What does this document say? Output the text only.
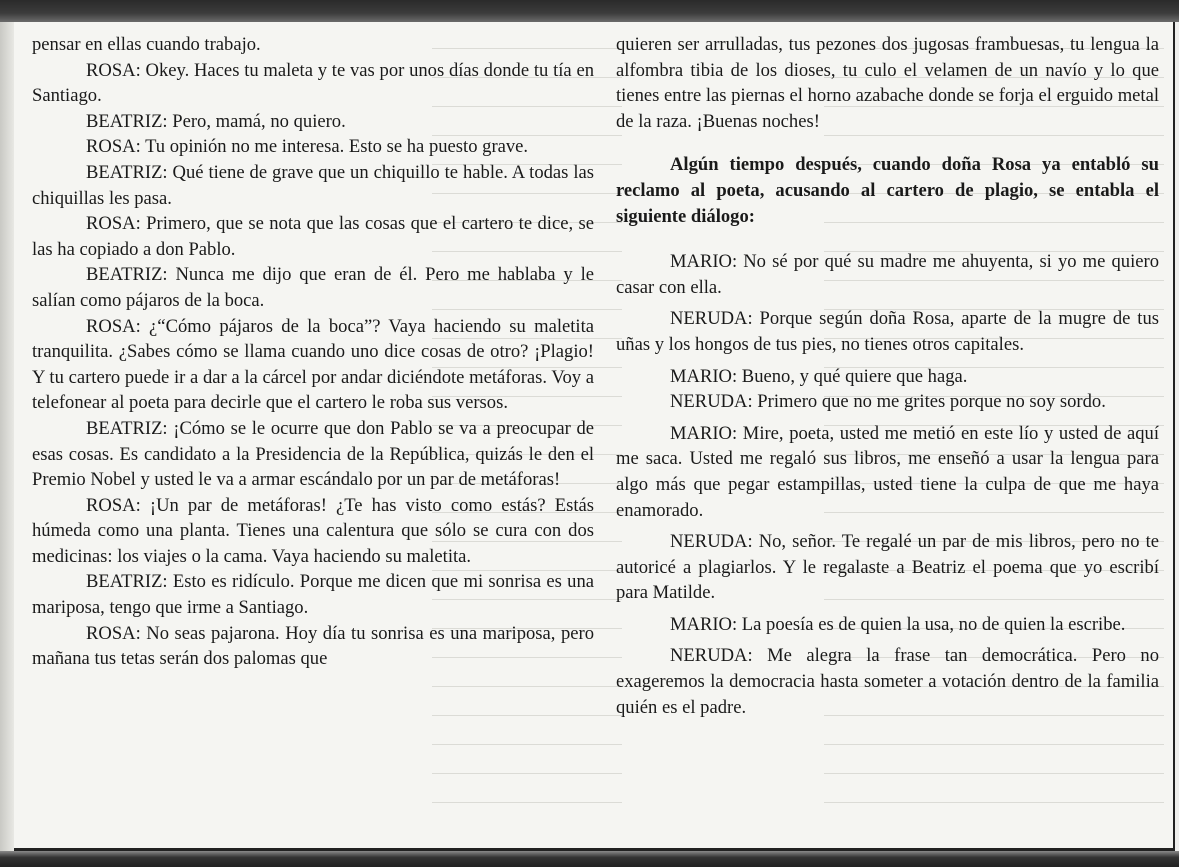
pensar en ellas cuando trabajo.

ROSA: Okey. Haces tu maleta y te vas por unos días donde tu tía en Santiago.

BEATRIZ: Pero, mamá, no quiero.

ROSA: Tu opinión no me interesa. Esto se ha puesto grave.

BEATRIZ: Qué tiene de grave que un chiquillo te hable. A todas las chiquillas les pasa.

ROSA: Primero, que se nota que las cosas que el cartero te dice, se las ha copiado a don Pablo.

BEATRIZ: Nunca me dijo que eran de él. Pero me hablaba y le salían como pájaros de la boca.

ROSA: ¿“Cómo pájaros de la boca”? Vaya haciendo su maletita tranquilita. ¿Sabes cómo se llama cuando uno dice cosas de otro? ¡Plagio! Y tu cartero puede ir a dar a la cárcel por andar diciéndote metáforas. Voy a telefonear al poeta para decirle que el cartero le roba sus versos.

BEATRIZ: ¡Cómo se le ocurre que don Pablo se va a preocupar de esas cosas. Es candidato a la Presidencia de la República, quizás le den el Premio Nobel y usted le va a armar escándalo por un par de metáforas!

ROSA: ¡Un par de metáforas! ¿Te has visto como estás? Estás húmeda como una planta. Tienes una calentura que sólo se cura con dos medicinas: los viajes o la cama. Vaya haciendo su maletita.

BEATRIZ: Esto es ridículo. Porque me dicen que mi sonrisa es una mariposa, tengo que irme a Santiago.

ROSA: No seas pajarona. Hoy día tu sonrisa es una mariposa, pero mañana tus tetas serán dos palomas que

quieren ser arrulladas, tus pezones dos jugosas frambuesas, tu lengua la alfombra tibia de los dioses, tu culo el velamen de un navío y lo que tienes entre las piernas el horno azabache donde se forja el erguido metal de la raza. ¡Buenas noches!

Algún tiempo después, cuando doña Rosa ya entabló su reclamo al poeta, acusando al cartero de plagio, se entabla el siguiente diálogo:

MARIO: No sé por qué su madre me ahuyenta, si yo me quiero casar con ella.

NERUDA: Porque según doña Rosa, aparte de la mugre de tus uñas y los hongos de tus pies, no tienes otros capitales.

MARIO: Bueno, y qué quiere que haga.

NERUDA: Primero que no me grites porque no soy sordo.

MARIO: Mire, poeta, usted me metió en este lío y usted de aquí me saca. Usted me regaló sus libros, me enseñó a usar la lengua para algo más que pegar estampillas, usted tiene la culpa de que me haya enamorado.

NERUDA: No, señor. Te regalé un par de mis libros, pero no te autoricé a plagiarlos. Y le regalaste a Beatriz el poema que yo escribí para Matilde.

MARIO: La poesía es de quien la usa, no de quien la escribe.

NERUDA: Me alegra la frase tan democrática. Pero no exageremos la democracia hasta someter a votación dentro de la familia quién es el padre.
